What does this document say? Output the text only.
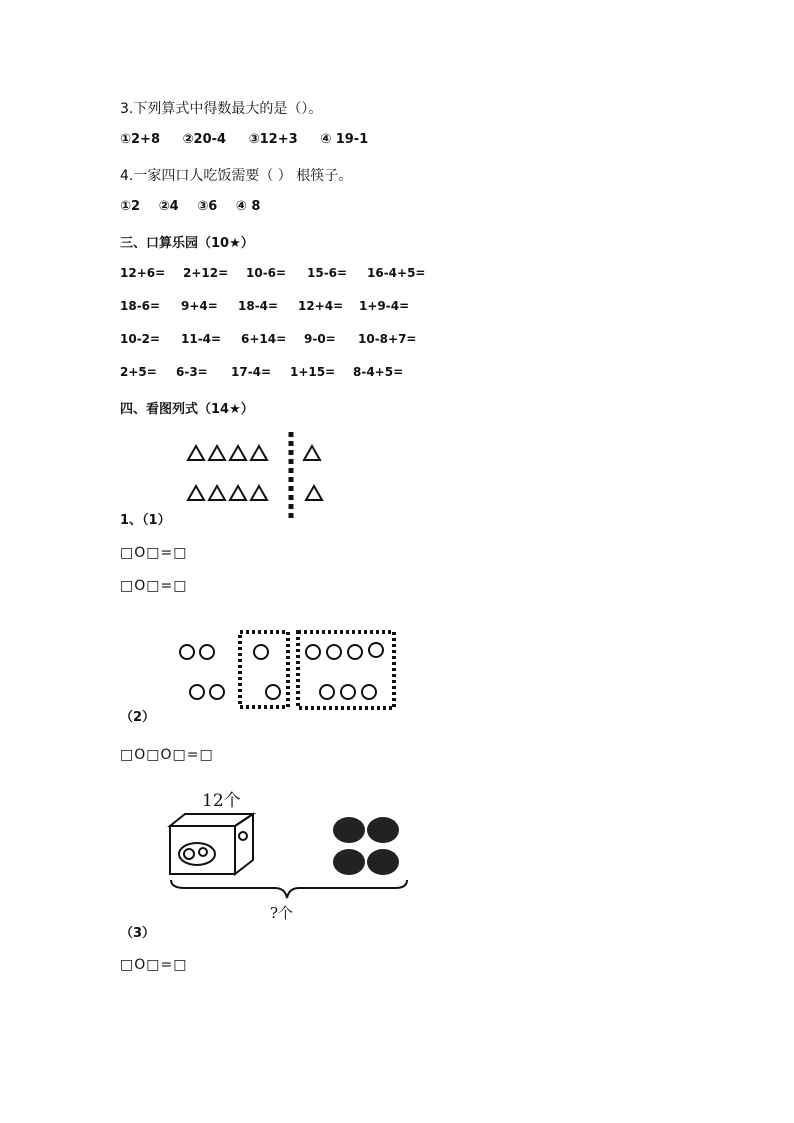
3.下列算式中得数最大的是（）。
①2+8 ②20-4 ③12+3 ④ 19-1
4.一家四口人吃饭需要（ ） 根筷子。
①2 ②4 ③6 ④ 8
三、口算乐园（10★）
12+6= 2+12= 10-6= 15-6= 16-4+5=
18-6= 9+4= 18-4= 12+4= 1+9-4=
10-2= 11-4= 6+14= 9-0= 10-8+7=
2+5= 6-3= 17-4= 1+15= 8-4+5=
四、看图列式（14★）
1、（1）
□O□=□
□O□=□
（2）
□O□O□=□
12个
?个
（3）
□O□=□
